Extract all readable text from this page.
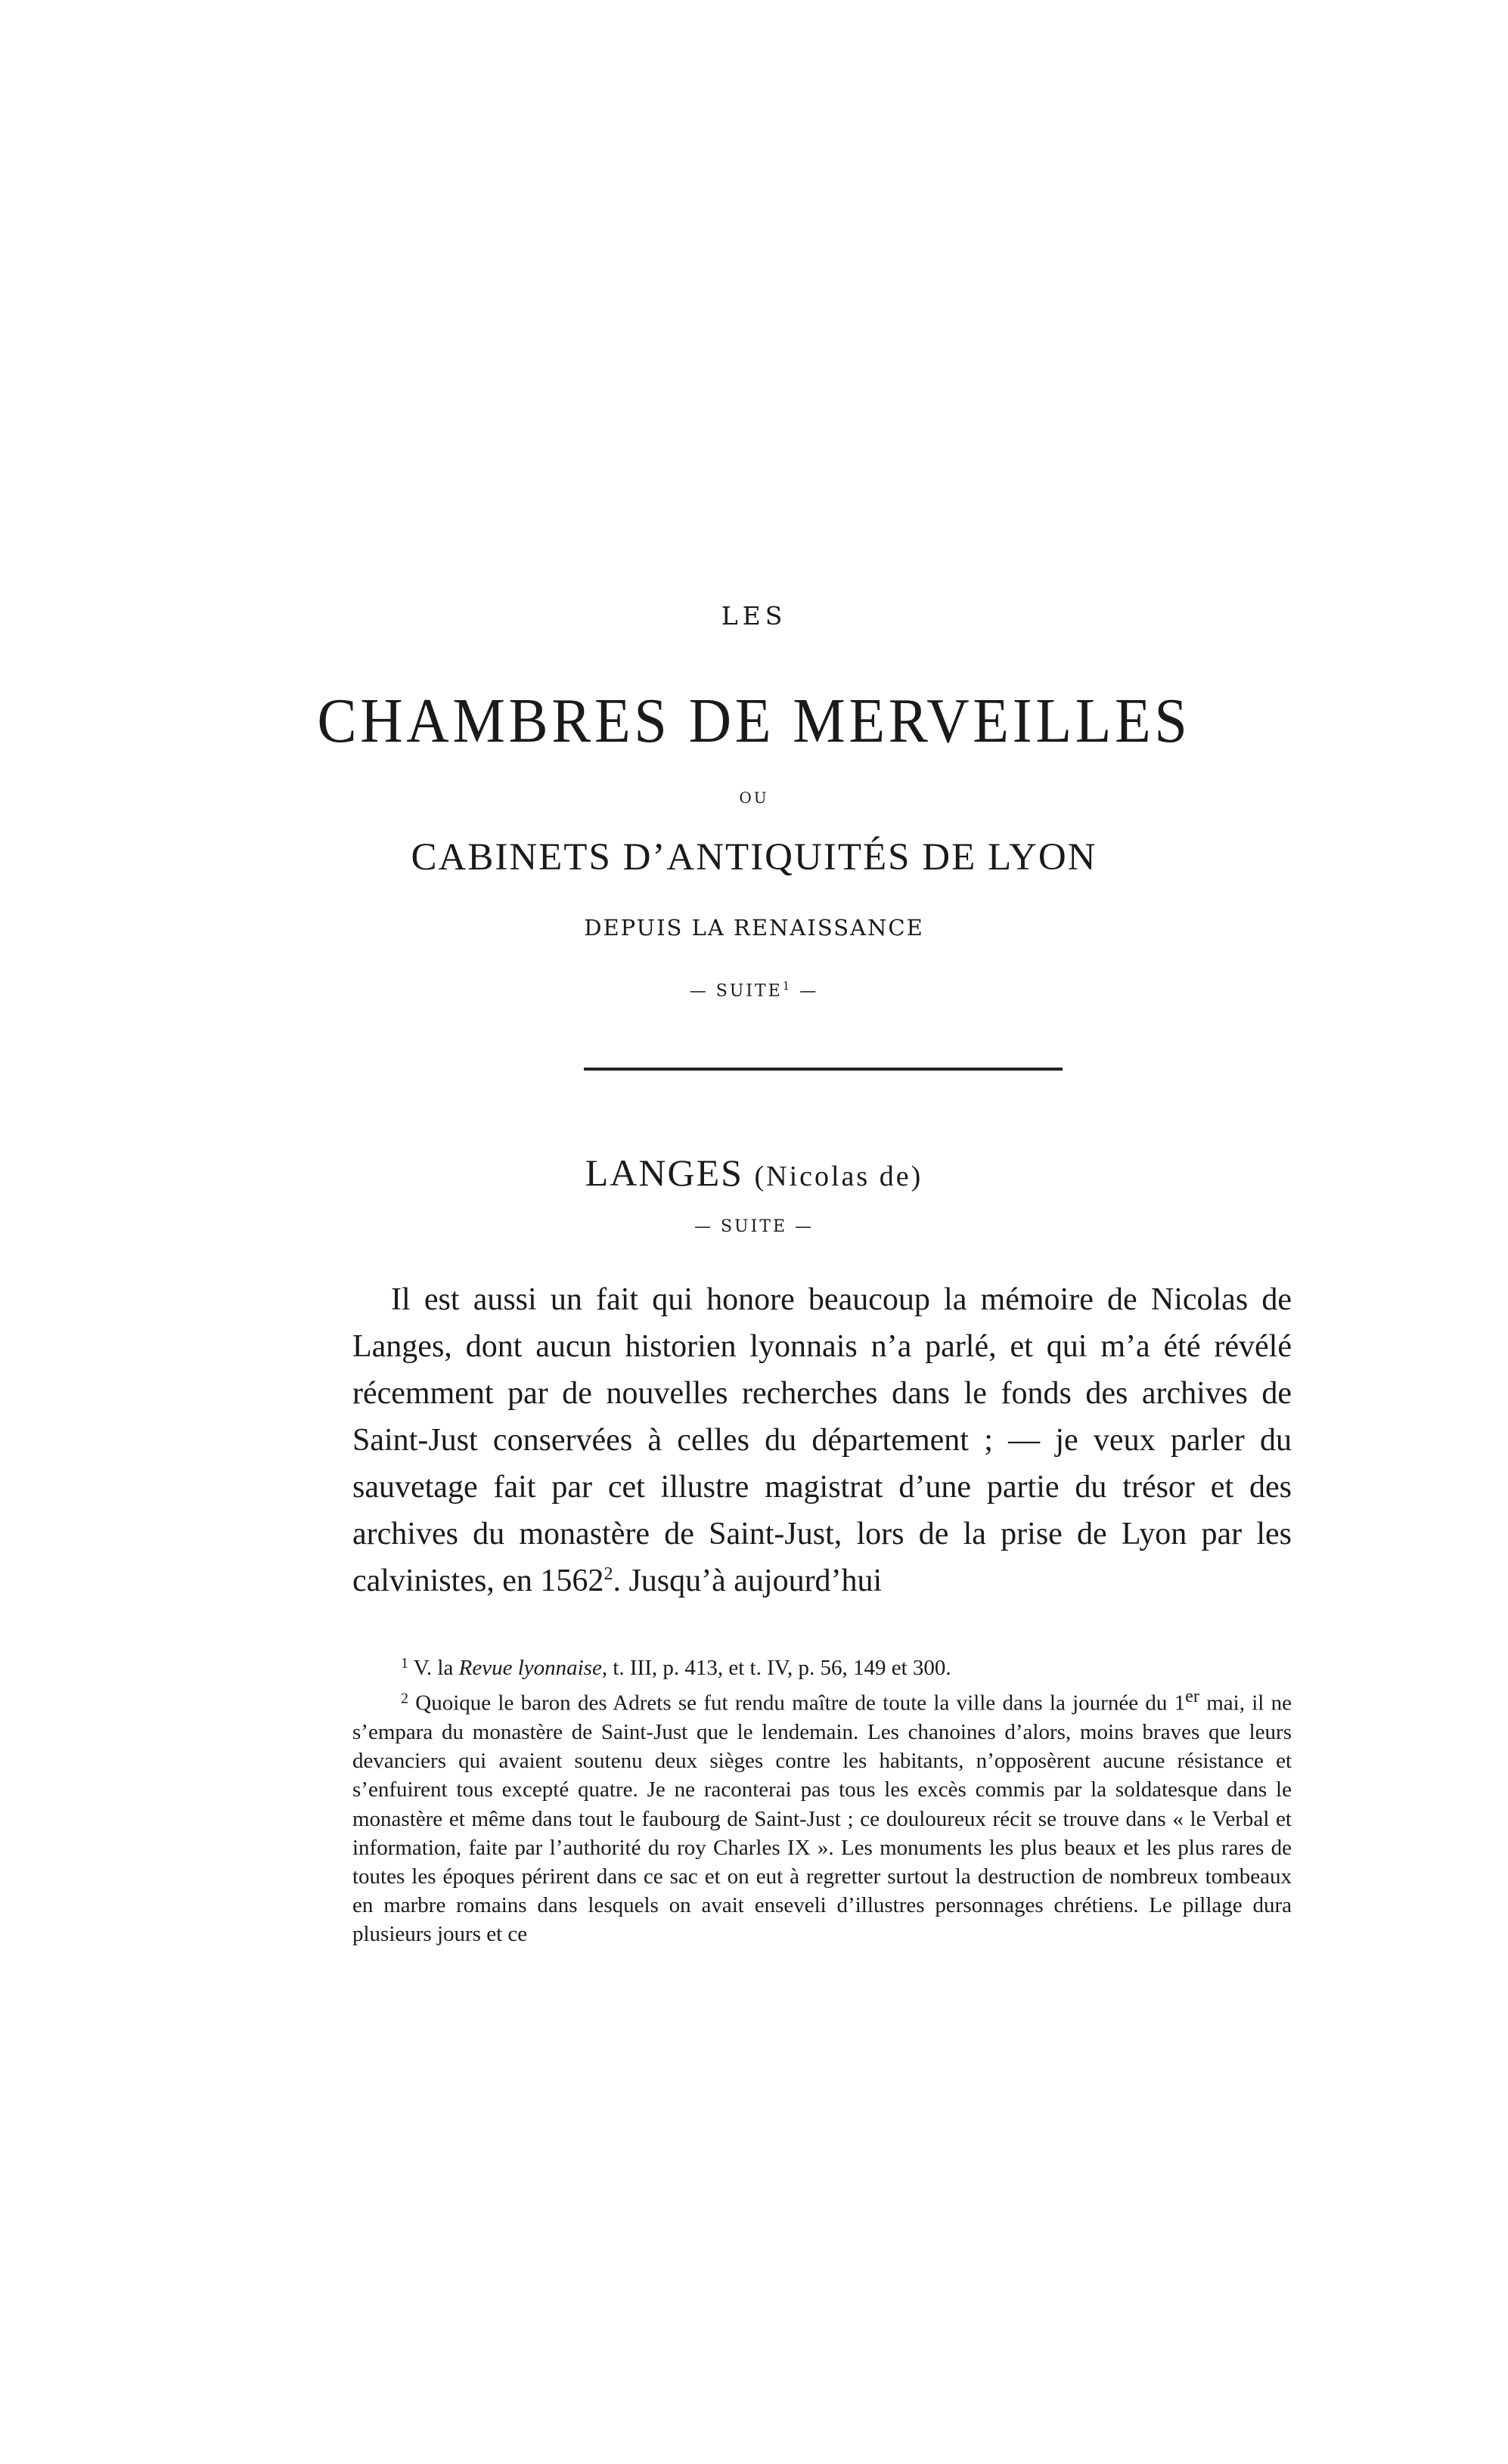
LES
CHAMBRES DE MERVEILLES
OU
CABINETS D’ANTIQUITÉS DE LYON
DEPUIS LA RENAISSANCE
— SUITE$^1$ —
LANGES (Nicolas de)
— SUITE —
Il est aussi un fait qui honore beaucoup la mémoire de Nicolas de Langes, dont aucun historien lyonnais n’a parlé, et qui m’a été révélé récemment par de nouvelles recherches dans le fonds des archives de Saint-Just conservées à celles du département ; — je veux parler du sauvetage fait par cet illustre magistrat d’une partie du trésor et des archives du monastère de Saint-Just, lors de la prise de Lyon par les calvinistes, en 1562$^2$. Jusqu’à aujourd’hui

$^1$ V. la Revue lyonnaise, t. III, p. 413, et t. IV, p. 56, 149 et 300.

$^2$ Quoique le baron des Adrets se fut rendu maître de toute la ville dans la journée du 1er mai, il ne s’empara du monastère de Saint-Just que le lendemain. Les chanoines d’alors, moins braves que leurs devanciers qui avaient soutenu deux sièges contre les habitants, n’opposèrent aucune résistance et s’enfuirent tous excepté quatre. Je ne raconterai pas tous les excès commis par la soldatesque dans le monastère et même dans tout le faubourg de Saint-Just ; ce douloureux récit se trouve dans « le Verbal et information, faite par l’authorité du roy Charles IX ». Les monuments les plus beaux et les plus rares de toutes les époques périrent dans ce sac et on eut à regretter surtout la destruction de nombreux tombeaux en marbre romains dans lesquels on avait enseveli d’illustres personnages chrétiens. Le pillage dura plusieurs jours et ce
